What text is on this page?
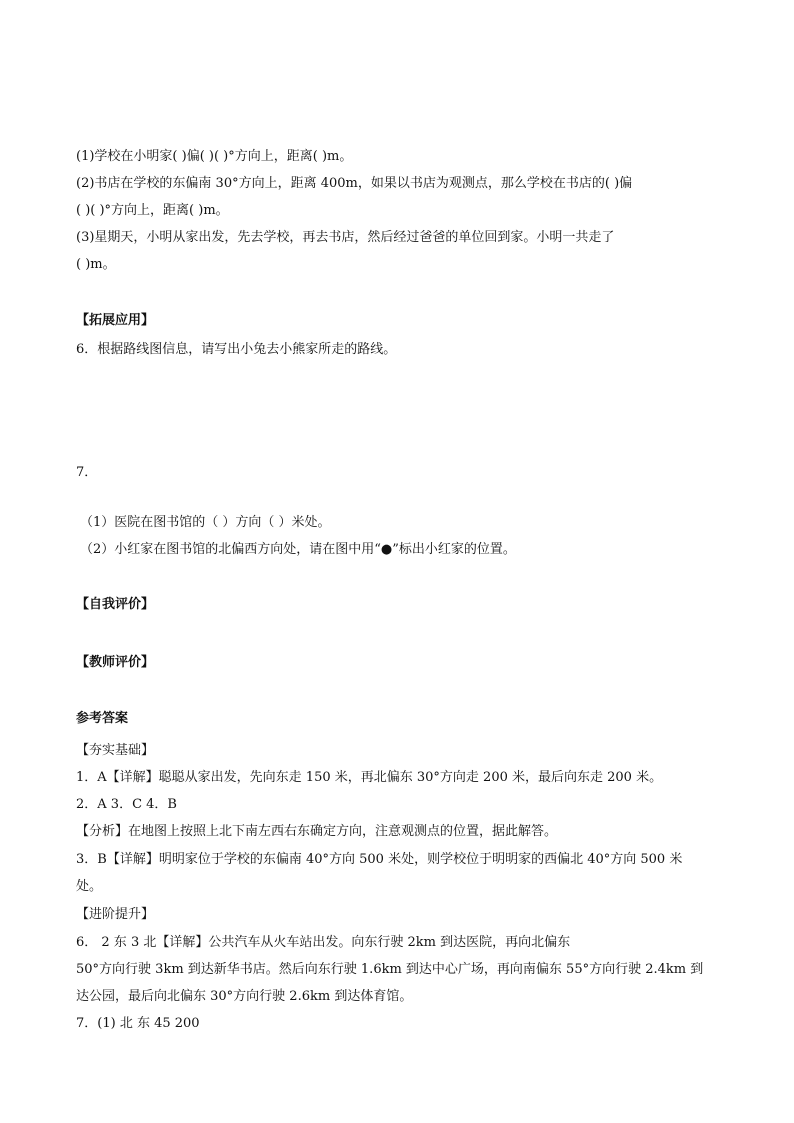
(1)学校在小明家( )偏( )( )°方向上，距离( )m。
(2)书店在学校的东偏南 30°方向上，距离 400m，如果以书店为观测点，那么学校在书店的( )偏
( )( )°方向上，距离( )m。
(3)星期天，小明从家出发，先去学校，再去书店，然后经过爸爸的单位回到家。小明一共走了
( )m。
【拓展应用】
6．根据路线图信息，请写出小兔去小熊家所走的路线。
7．
（1）医院在图书馆的（ ）方向（ ）米处。
（2）小红家在图书馆的北偏西方向处，请在图中用“●”标出小红家的位置。
【自我评价】
【教师评价】
参考答案
【夯实基础】
1．A【详解】聪聪从家出发，先向东走 150 米，再北偏东 30°方向走 200 米，最后向东走 200 米。
2．A 3．C 4．B
【分析】在地图上按照上北下南左西右东确定方向，注意观测点的位置，据此解答。
3．B【详解】明明家位于学校的东偏南 40°方向 500 米处，则学校位于明明家的西偏北 40°方向 500 米
处。
【进阶提升】
6． 2 东 3 北【详解】公共汽车从火车站出发。向东行驶 2km 到达医院，再向北偏东
50°方向行驶 3km 到达新华书店。然后向东行驶 1.6km 到达中心广场，再向南偏东 55°方向行驶 2.4km 到
达公园，最后向北偏东 30°方向行驶 2.6km 到达体育馆。
7．(1) 北 东 45 200
